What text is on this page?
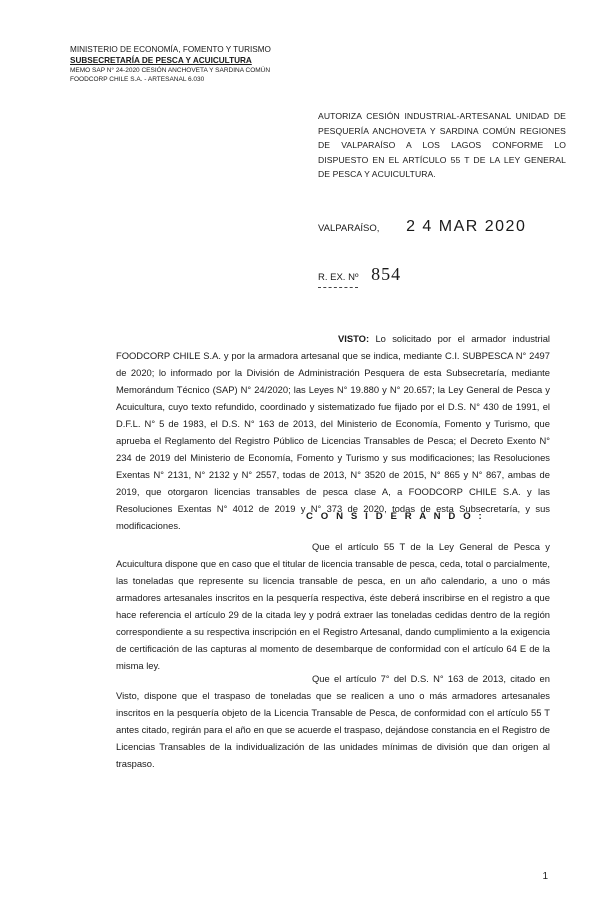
MINISTERIO DE ECONOMÍA, FOMENTO Y TURISMO
SUBSECRETARÍA DE PESCA Y ACUICULTURA
MEMO SAP N° 24-2020 CESIÓN ANCHOVETA Y SARDINA COMÚN
FOODCORP CHILE S.A. - ARTESANAL 6.030
AUTORIZA CESIÓN INDUSTRIAL-ARTESANAL UNIDAD DE PESQUERÍA ANCHOVETA Y SARDINA COMÚN REGIONES DE VALPARAÍSO A LOS LAGOS CONFORME LO DISPUESTO EN EL ARTÍCULO 55 T DE LA LEY GENERAL DE PESCA Y ACUICULTURA.
VALPARAÍSO, 2 4 MAR 2020
R. EX. Nº 854
VISTO: Lo solicitado por el armador industrial FOODCORP CHILE S.A. y por la armadora artesanal que se indica, mediante C.I. SUBPESCA N° 2497 de 2020; lo informado por la División de Administración Pesquera de esta Subsecretaría, mediante Memorándum Técnico (SAP) N° 24/2020; las Leyes N° 19.880 y N° 20.657; la Ley General de Pesca y Acuicultura, cuyo texto refundido, coordinado y sistematizado fue fijado por el D.S. N° 430 de 1991, el D.F.L. N° 5 de 1983, el D.S. N° 163 de 2013, del Ministerio de Economía, Fomento y Turismo, que aprueba el Reglamento del Registro Público de Licencias Transables de Pesca; el Decreto Exento N° 234 de 2019 del Ministerio de Economía, Fomento y Turismo y sus modificaciones; las Resoluciones Exentas N° 2131, N° 2132 y N° 2557, todas de 2013, N° 3520 de 2015, N° 865 y N° 867, ambas de 2019, que otorgaron licencias transables de pesca clase A, a FOODCORP CHILE S.A. y las Resoluciones Exentas N° 4012 de 2019 y N° 373 de 2020, todas de esta Subsecretaría, y sus modificaciones.
C O N S I D E R A N D O :
Que el artículo 55 T de la Ley General de Pesca y Acuicultura dispone que en caso que el titular de licencia transable de pesca, ceda, total o parcialmente, las toneladas que represente su licencia transable de pesca, en un año calendario, a uno o más armadores artesanales inscritos en la pesquería respectiva, éste deberá inscribirse en el registro a que hace referencia el artículo 29 de la citada ley y podrá extraer las toneladas cedidas dentro de la región correspondiente a su respectiva inscripción en el Registro Artesanal, dando cumplimiento a la exigencia de certificación de las capturas al momento de desembarque de conformidad con el artículo 64 E de la misma ley.
Que el artículo 7° del D.S. N° 163 de 2013, citado en Visto, dispone que el traspaso de toneladas que se realicen a uno o más armadores artesanales inscritos en la pesquería objeto de la Licencia Transable de Pesca, de conformidad con el artículo 55 T antes citado, regirán para el año en que se acuerde el traspaso, dejándose constancia en el Registro de Licencias Transables de la individualización de las unidades mínimas de división que dan origen al traspaso.
1
